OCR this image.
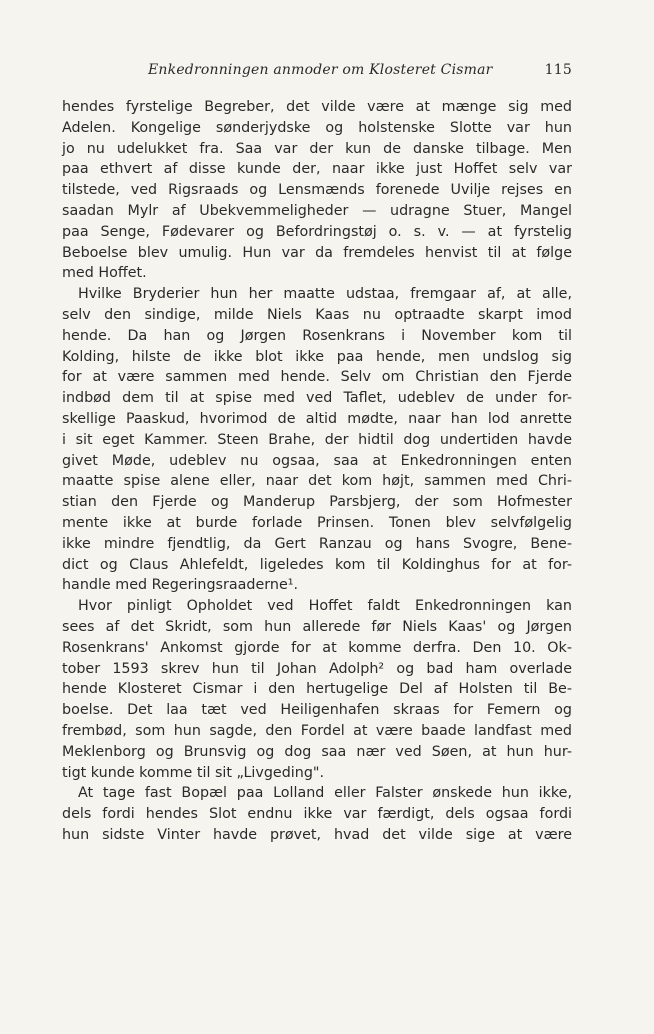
Enkedronningen anmoder om Klosteret Cismar	115
hendes fyrstelige Begreber, det vilde være at mænge sig med
Adelen. Kongelige sønderjydske og holstenske Slotte var hun
jo nu udelukket fra. Saa var der kun de danske tilbage. Men
paa ethvert af disse kunde der, naar ikke just Hoffet selv var
tilstede, ved Rigsraads og Lensmænds forenede Uvilje rejses en
saadan Mylr af Ubekvemmeligheder — udragne Stuer, Mangel
paa Senge, Fødevarer og Befordringstøj o. s. v. — at fyrstelig
Beboelse blev umulig. Hun var da fremdeles henvist til at følge
med Hoffet.
Hvilke Bryderier hun her maatte udstaa, fremgaar af, at alle,
selv den sindige, milde Niels Kaas nu optraadte skarpt imod
hende. Da han og Jørgen Rosenkrans i November kom til
Kolding, hilste de ikke blot ikke paa hende, men undslog sig
for at være sammen med hende. Selv om Christian den Fjerde
indbød dem til at spise med ved Taflet, udeblev de under for-
skellige Paaskud, hvorimod de altid mødte, naar han lod anrette
i sit eget Kammer. Steen Brahe, der hidtil dog undertiden havde
givet Møde, udeblev nu ogsaa, saa at Enkedronningen enten
maatte spise alene eller, naar det kom højt, sammen med Chri-
stian den Fjerde og Manderup Parsbjerg, der som Hofmester
mente ikke at burde forlade Prinsen. Tonen blev selvfølgelig
ikke mindre fjendtlig, da Gert Ranzau og hans Svogre, Bene-
dict og Claus Ahlefeldt, ligeledes kom til Koldinghus for at for-
handle med Regeringsraaderne¹.
Hvor pinligt Opholdet ved Hoffet faldt Enkedronningen kan
sees af det Skridt, som hun allerede før Niels Kaas' og Jørgen
Rosenkrans' Ankomst gjorde for at komme derfra. Den 10. Ok-
tober 1593 skrev hun til Johan Adolph² og bad ham overlade
hende Klosteret Cismar i den hertugelige Del af Holsten til Be-
boelse. Det laa tæt ved Heiligenhafen skraas for Femern og
frembød, som hun sagde, den Fordel at være baade landfast med
Meklenborg og Brunsvig og dog saa nær ved Søen, at hun hur-
tigt kunde komme til sit „Livgeding".
At tage fast Bopæl paa Lolland eller Falster ønskede hun ikke,
dels fordi hendes Slot endnu ikke var færdigt, dels ogsaa fordi
hun sidste Vinter havde prøvet, hvad det vilde sige at være
